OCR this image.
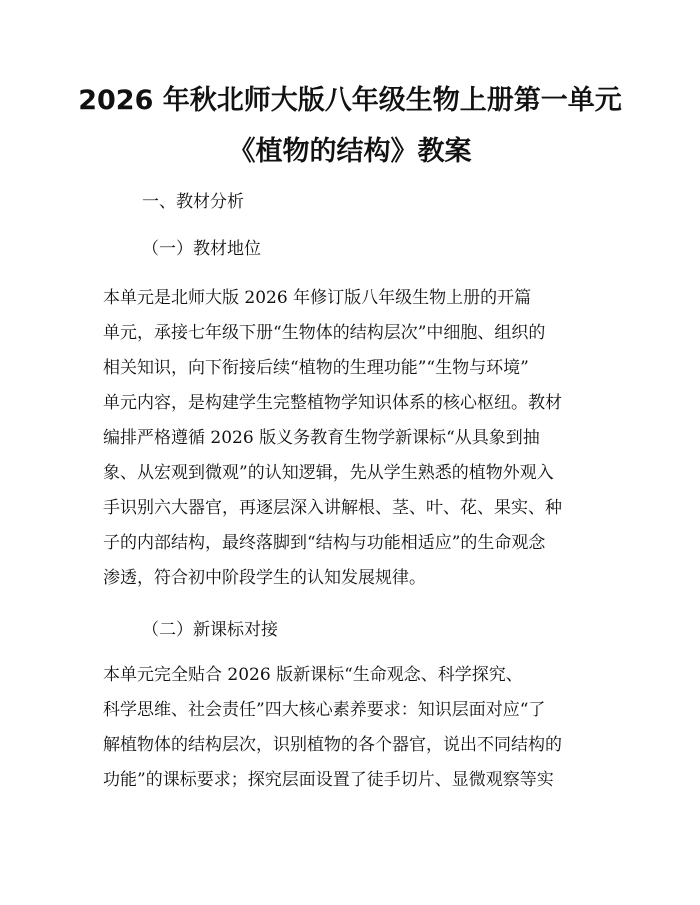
2026 年秋北师大版八年级生物上册第一单元
《植物的结构》教案

一、教材分析

（一）教材地位

本单元是北师大版 2026 年修订版八年级生物上册的开篇
单元，承接七年级下册“生物体的结构层次”中细胞、组织的
相关知识，向下衔接后续“植物的生理功能”“生物与环境”
单元内容，是构建学生完整植物学知识体系的核心枢纽。教材
编排严格遵循 2026 版义务教育生物学新课标“从具象到抽
象、从宏观到微观”的认知逻辑，先从学生熟悉的植物外观入
手识别六大器官，再逐层深入讲解根、茎、叶、花、果实、种
子的内部结构，最终落脚到“结构与功能相适应”的生命观念
渗透，符合初中阶段学生的认知发展规律。

（二）新课标对接

本单元完全贴合 2026 版新课标“生命观念、科学探究、
科学思维、社会责任”四大核心素养要求：知识层面对应“了
解植物体的结构层次，识别植物的各个器官，说出不同结构的
功能”的课标要求；探究层面设置了徒手切片、显微观察等实
